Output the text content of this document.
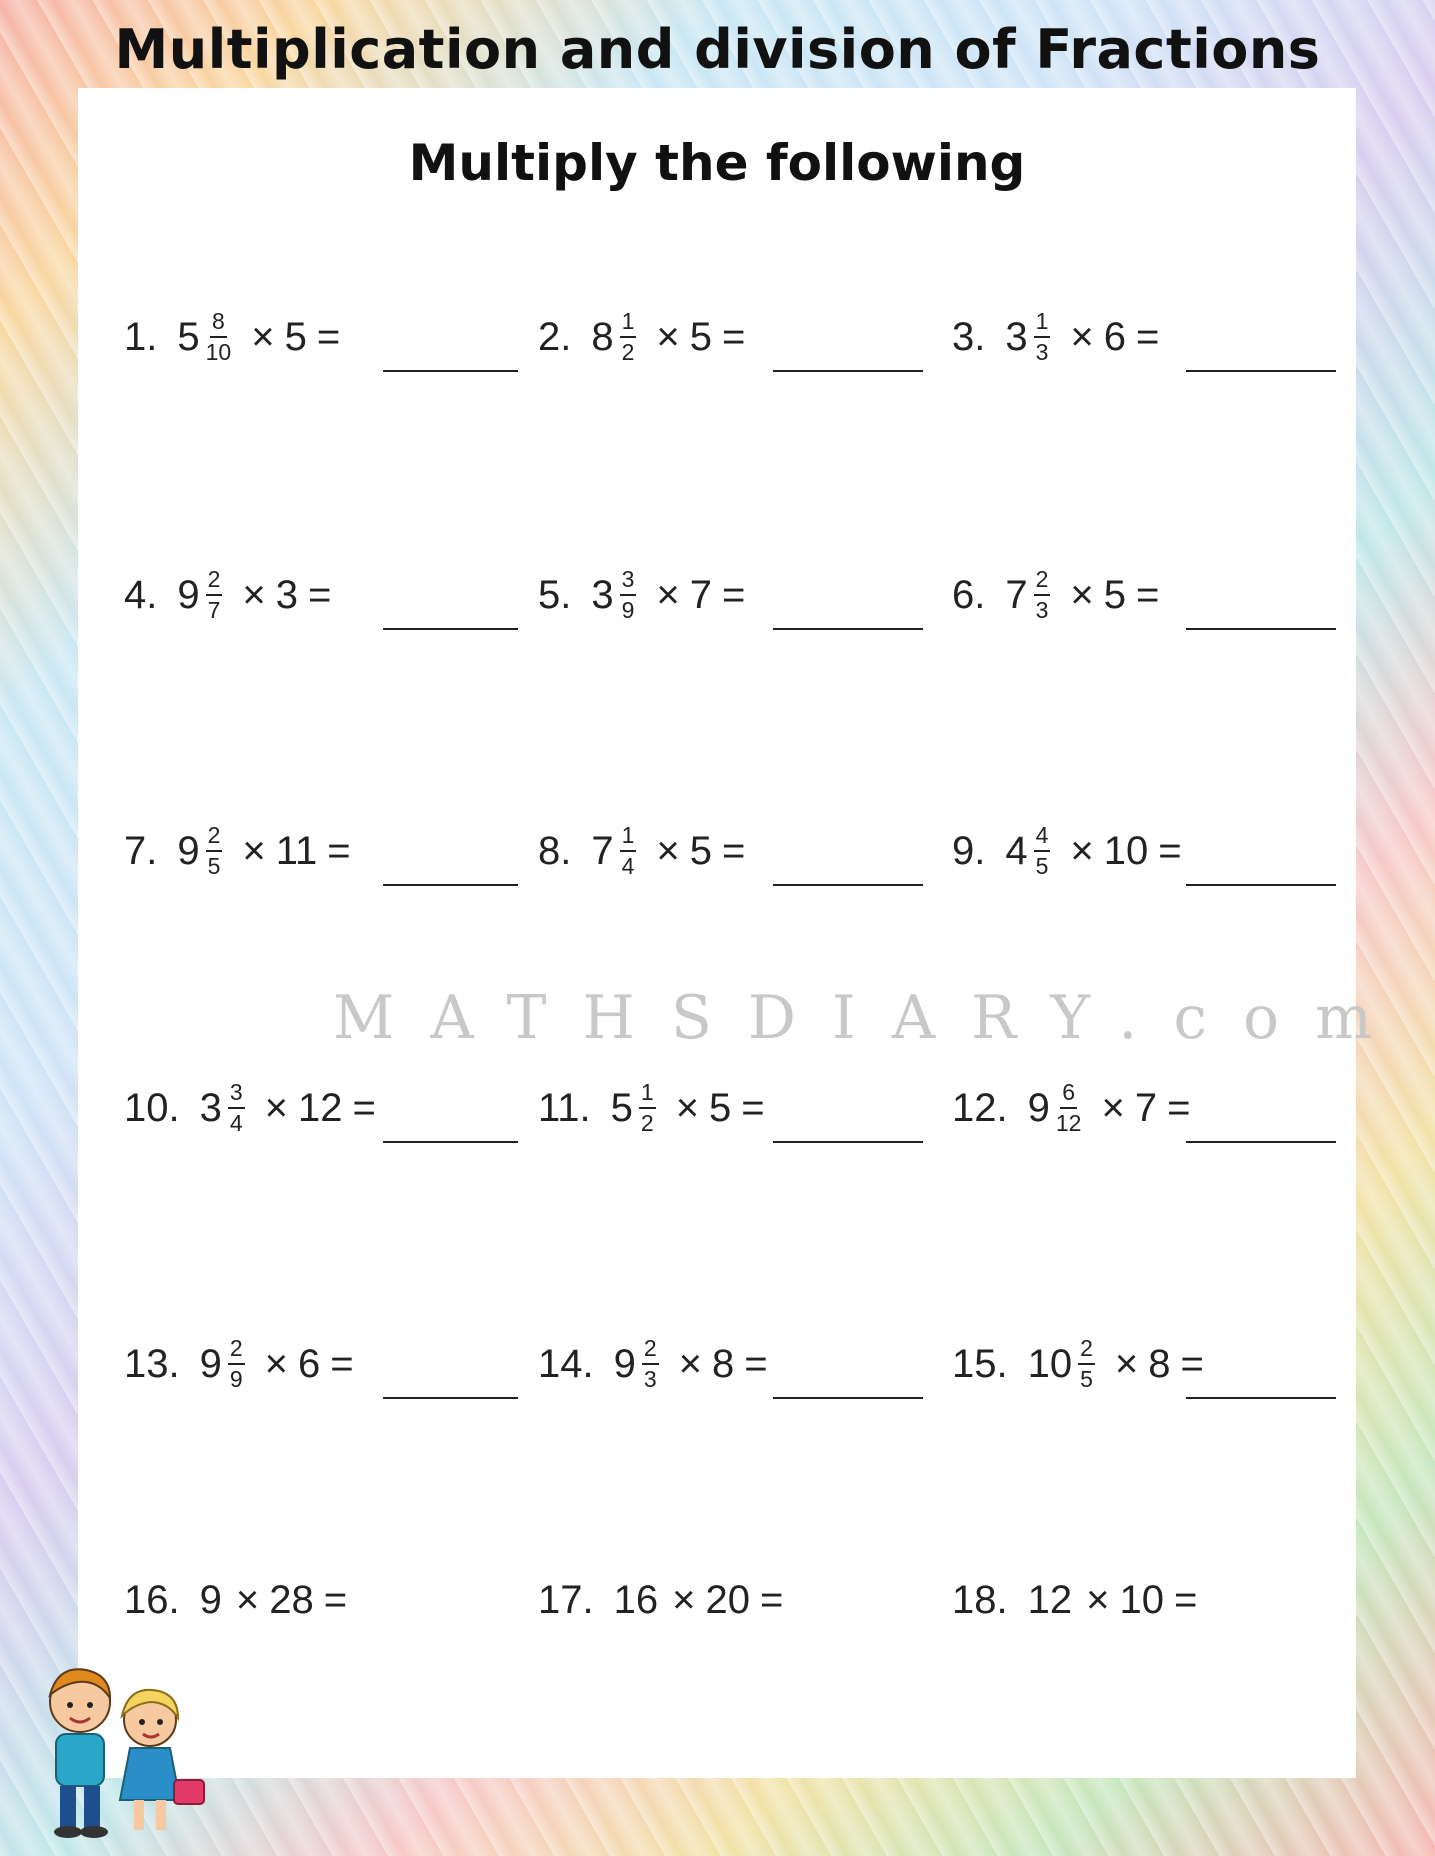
Multiplication and division of Fractions
Multiply the following
MATHSDIARY.com
1. $5 \frac{8}{10} \times 5$ =	2. $8 \frac{1}{2} \times 5$ =	3. $3 \frac{1}{3} \times 6$ =
4. $9 \frac{2}{7} \times 3$ =	5. $3 \frac{3}{9} \times 7$ =	6. $7 \frac{2}{3} \times 5$ =
7. $9 \frac{2}{5} \times 11$ =	8. $7 \frac{1}{4} \times 5$ =	9. $4 \frac{4}{5} \times 10$ =
10. $3 \frac{3}{4} \times 12$ =	11. $5 \frac{1}{2} \times 5$ =	12. $9 \frac{6}{12} \times 7$ =
13. $9 \frac{2}{9} \times 6$ =	14. $9 \frac{2}{3} \times 8$ =	15. $10 \frac{2}{5} \times 8$ =
16. 9 × 28 =	17. 16 × 20 =	18. 12 × 10 =
